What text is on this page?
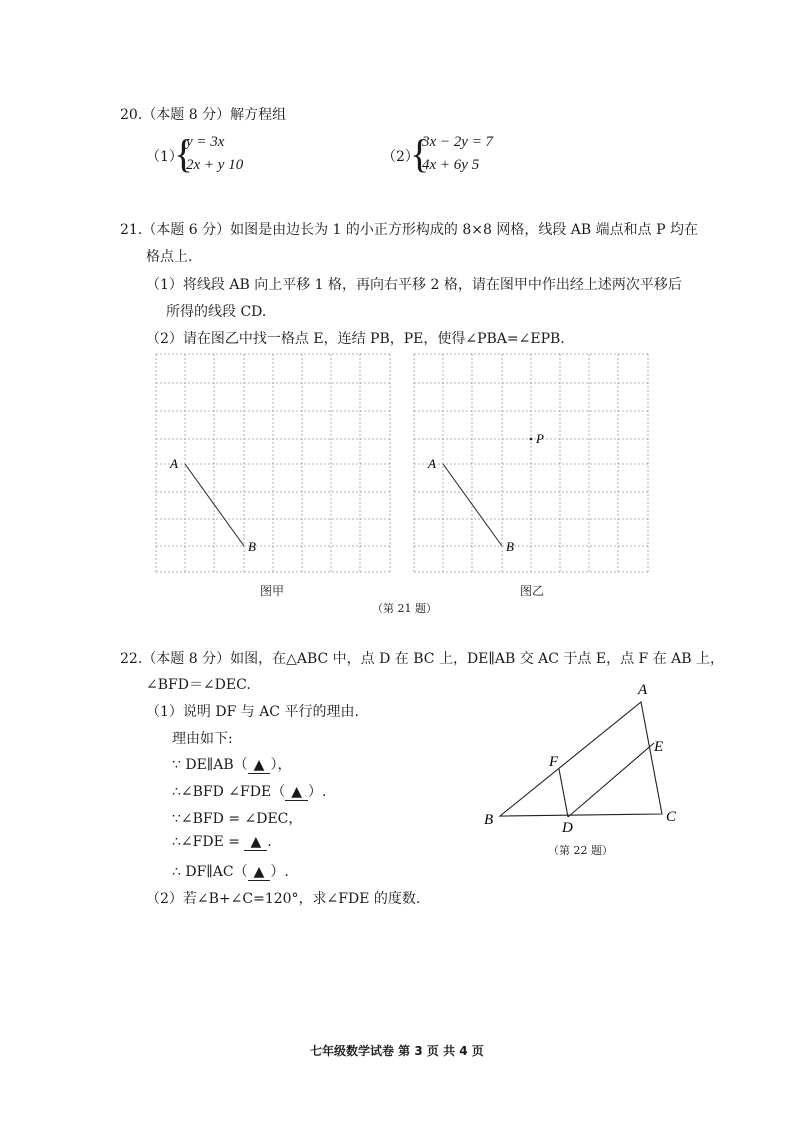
20.（本题 8 分）解方程组
（1）
{
y = 3x
2x + y 10	（2）
{
3x − 2y = 7
4x + 6y 5
21.（本题 6 分）如图是由边长为 1 的小正方形构成的 8×8 网格，线段 AB 端点和点 P 均在
格点上.
（1）将线段 AB 向上平移 1 格，再向右平移 2 格，请在图甲中作出经上述两次平移后
所得的线段 CD.
（2）请在图乙中找一格点 E，连结 PB，PE，使得∠PBA=∠EPB.
A
B
图甲
A
B
P
图乙
（第 21 题）
22.（本题 8 分）如图，在△ABC 中，点 D 在 BC 上，DE∥AB 交 AC 于点 E，点 F 在 AB 上，
∠BFD＝∠DEC.
（1）说明 DF 与 AC 平行的理由.
理由如下:
∵ DE∥AB（ ▲ ），
∴∠BFD ∠FDE（ ▲ ）.
∵∠BFD = ∠DEC，
∴∠FDE = ▲ .
∴ DF∥AC（ ▲ ）.
（2）若∠B+∠C=120°，求∠FDE 的度数.
A
B	C
D
E
F
（第 22 题）
七年级数学试卷 第 3 页 共 4 页
